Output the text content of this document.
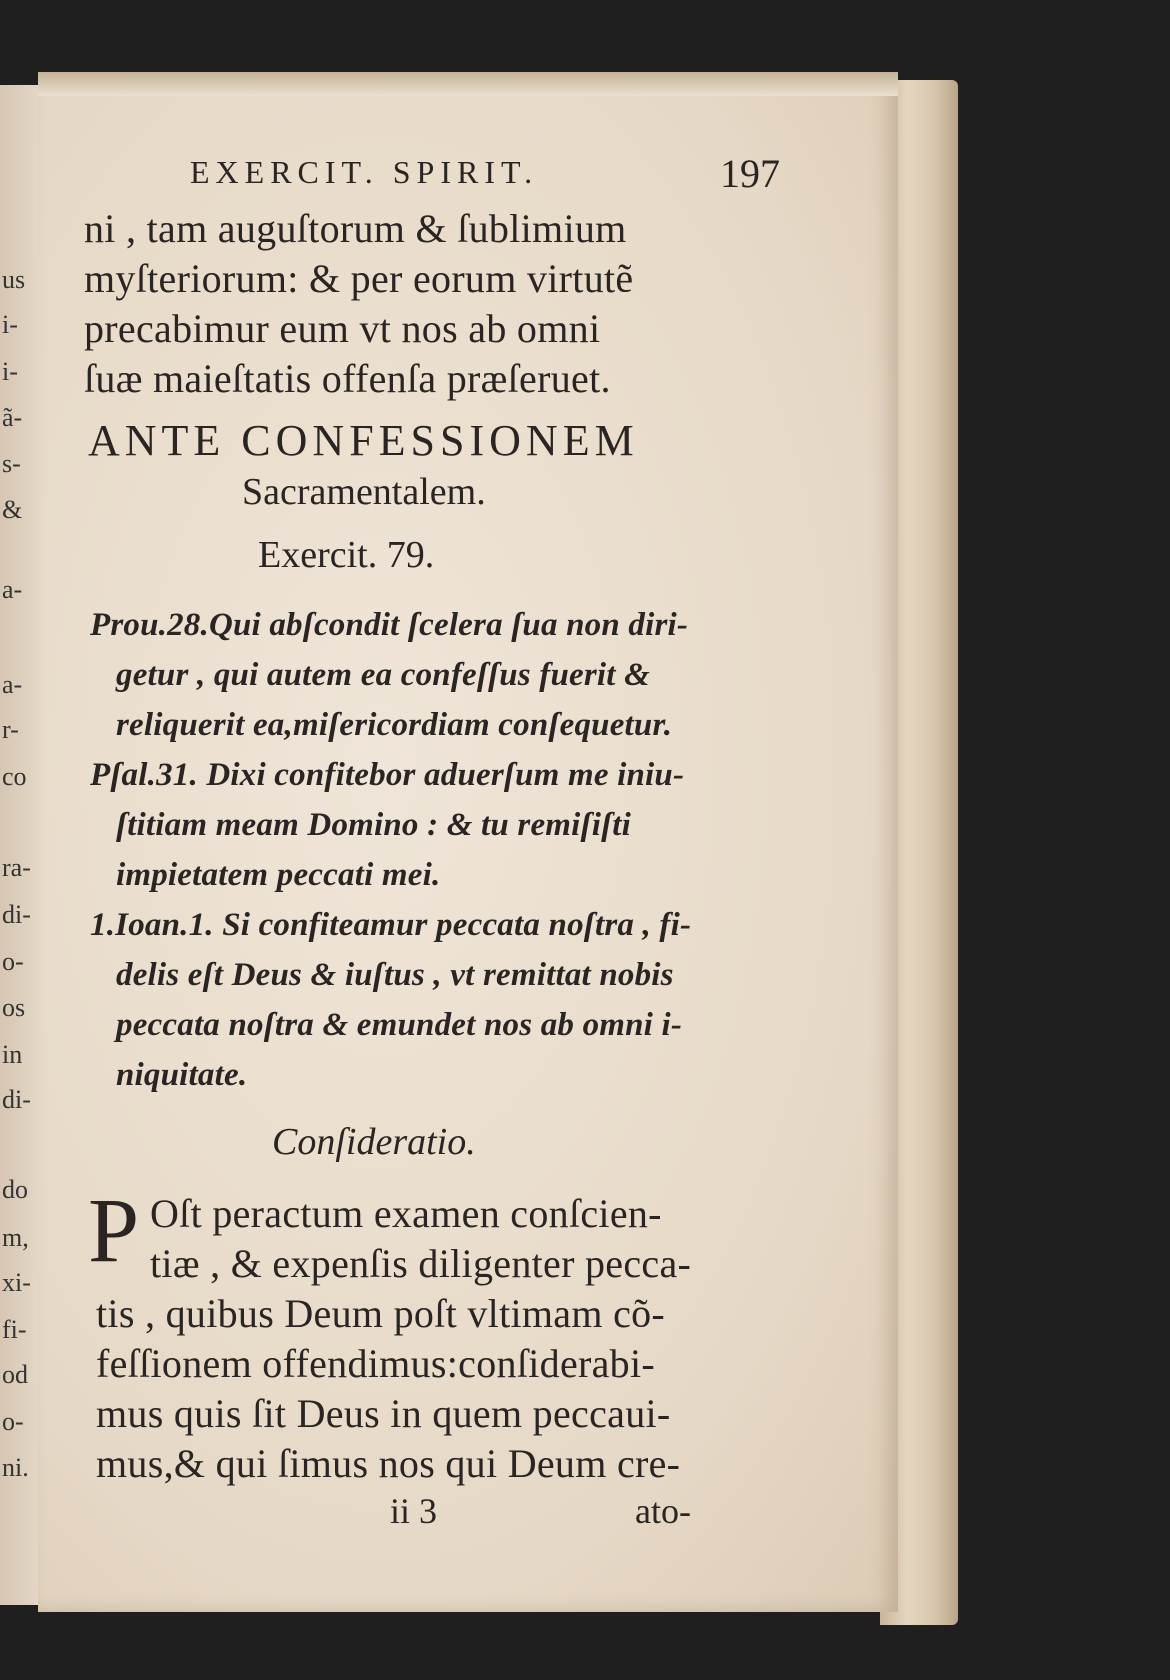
us
i-
i-
ã-
s-
&
a-
a-
r-
co
ra-
di-
o-
os
in
di-
do
m,
xi-
fi-
od
o-
ni.
EXERCIT. SPIRIT.	197
ni , tam auguſtorum & ſublimium
myſteriorum: & per eorum virtutẽ
precabimur eum vt nos ab omni
ſuæ maieſtatis offenſa præſeruet.
ANTE CONFESSIONEM
Sacramentalem.
Exercit. 79.
Prou.28.Qui abſcondit ſcelera ſua non diri-
getur , qui autem ea confeſſus fuerit &
reliquerit ea,miſericordiam conſequetur.
Pſal.31. Dixi confitebor aduerſum me iniu-
ſtitiam meam Domino : & tu remiſiſti
impietatem peccati mei.
1.Ioan.1. Si confiteamur peccata noſtra , fi-
delis eſt Deus & iuſtus , vt remittat nobis
peccata noſtra & emundet nos ab omni i-
niquitate.
Conſideratio.
P Oſt peractum examen conſcien-
tiæ , & expenſis diligenter pecca-
tis , quibus Deum poſt vltimam cõ-
feſſionem offendimus:conſiderabi-
mus quis ſit Deus in quem peccaui-
mus,& qui ſimus nos qui Deum cre-
ii 3	ato-
